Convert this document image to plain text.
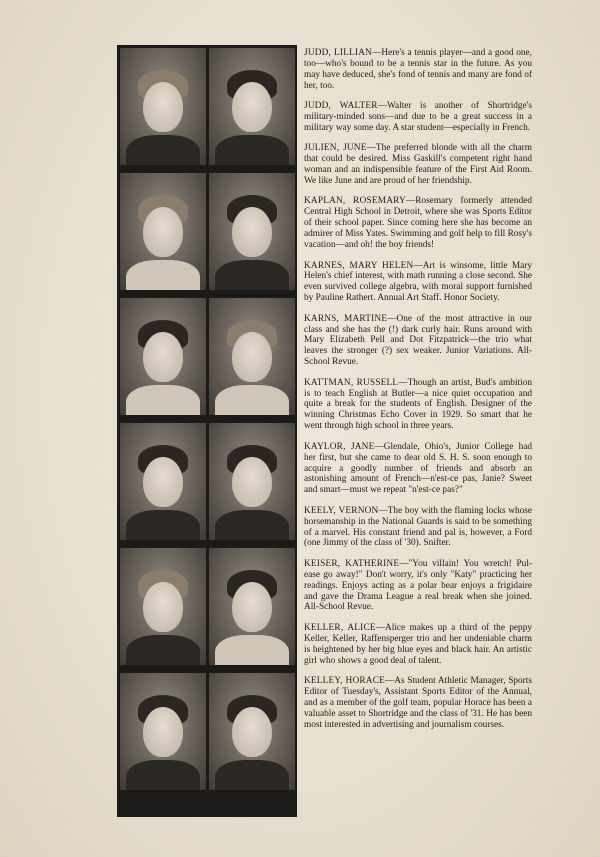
JUDD, LILLIAN—Here's a tennis player—and a good one, too—who's bound to be a tennis star in the future. As you may have deduced, she's fond of tennis and many are fond of her, too.

JUDD, WALTER—Walter is another of Shortridge's military-minded sons—and due to be a great success in a military way some day. A star student—especially in French.

JULIEN, JUNE—The preferred blonde with all the charm that could be desired. Miss Gaskill's competent right hand woman and an indispensible feature of the First Aid Room. We like June and are proud of her friendship.

KAPLAN, ROSEMARY—Rosemary formerly attended Central High School in Detroit, where she was Sports Editor of their school paper. Since coming here she has become an admirer of Miss Yates. Swimming and golf help to fill Rosy's vacation—and oh! the boy friends!

KARNES, MARY HELEN—Art is winsome, little Mary Helen's chief interest, with math running a close second. She even survived college algebra, with moral support furnished by Pauline Rathert. Annual Art Staff. Honor Society.

KARNS, MARTINE—One of the most attractive in our class and she has the (!) dark curly hair. Runs around with Mary Elizabeth Pell and Dot Fitzpatrick—the trio what leaves the stronger (?) sex weaker. Junior Variations. All-School Revue.

KATTMAN, RUSSELL—Though an artist, Bud's ambition is to teach English at Butler—a nice quiet occupation and quite a break for the students of English. Designer of the winning Christmas Echo Cover in 1929. So smart that he went through high school in three years.

KAYLOR, JANE—Glendale, Ohio's, Junior College had her first, but she came to dear old S. H. S. soon enough to acquire a goodly number of friends and absorb an astonishing amount of French—n'est-ce pas, Janie? Sweet and smart—must we repeat "n'est-ce pas?"

KEELY, VERNON—The boy with the flaming locks whose horsemanship in the National Guards is said to be something of a marvel. His constant friend and pal is, however, a Ford (one Jimmy of the class of '30). Snifter.

KEISER, KATHERINE—"You villain! You wretch! Pul-ease go away!" Don't worry, it's only "Katy" practicing her readings. Enjoys acting as a polar bear enjoys a frigidaire and gave the Drama League a real break when she joined. All-School Revue.

KELLER, ALICE—Alice makes up a third of the peppy Keller, Keller, Raffensperger trio and her undeniable charm is heightened by her big blue eyes and black hair. An artistic girl who shows a good deal of talent.

KELLEY, HORACE—As Student Athletic Manager, Sports Editor of Tuesday's, Assistant Sports Editor of the Annual, and as a member of the golf team, popular Horace has been a valuable asset to Shortridge and the class of '31. He has been most interested in advertising and journalism courses.
